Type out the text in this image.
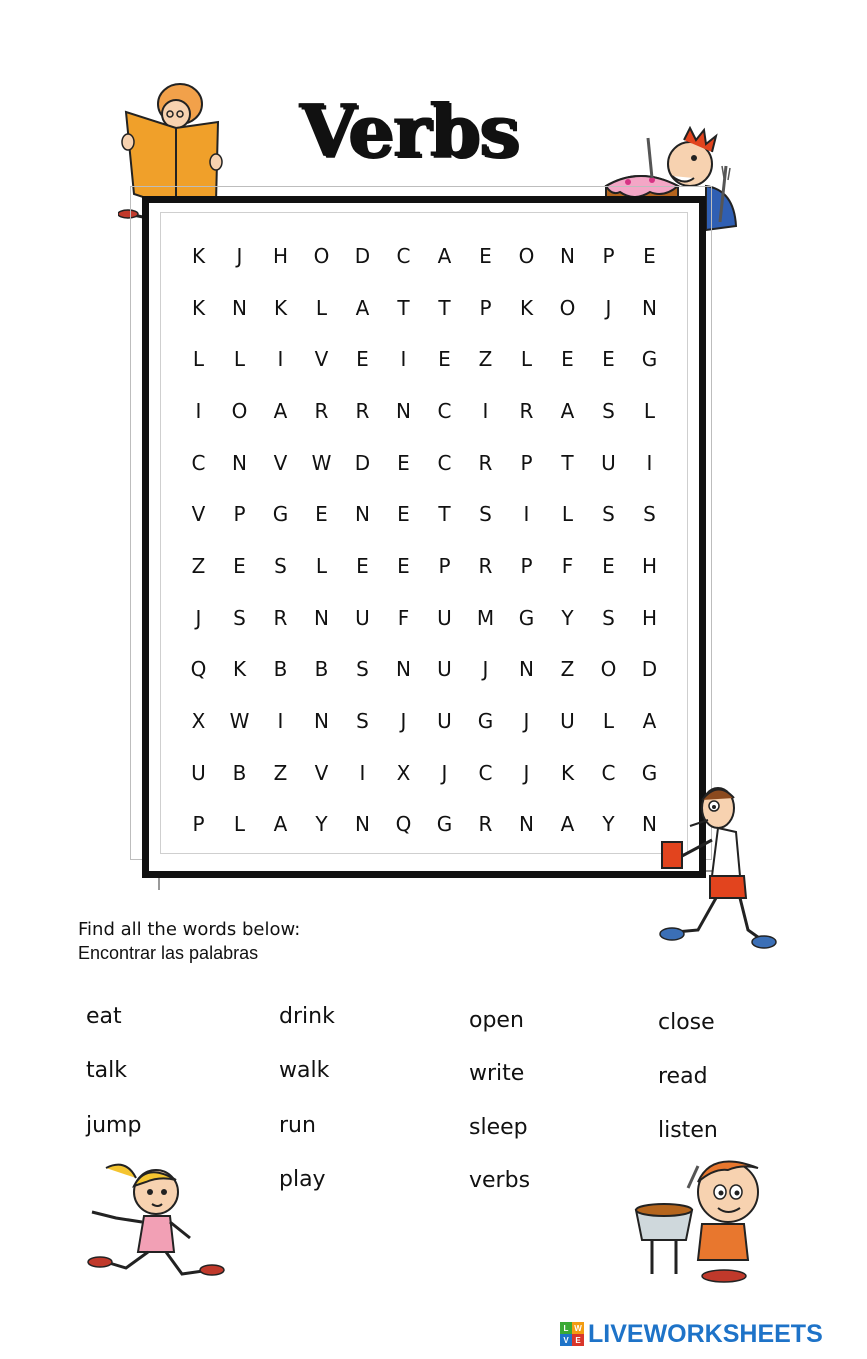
Verbs
K	J	H	O	D	C	A	E	O	N	P	E
K	N	K	L	A	T	T	P	K	O	J	N
L	L	I	V	E	I	E	Z	L	E	E	G
I	O	A	R	R	N	C	I	R	A	S	L
C	N	V	W	D	E	C	R	P	T	U	I
V	P	G	E	N	E	T	S	I	L	S	S
Z	E	S	L	E	E	P	R	P	F	E	H
J	S	R	N	U	F	U	M	G	Y	S	H
Q	K	B	B	S	N	U	J	N	Z	O	D
X	W	I	N	S	J	U	G	J	U	L	A
U	B	Z	V	I	X	J	C	J	K	C	G
P	L	A	Y	N	Q	G	R	N	A	Y	N
Find all the words below:
Encontrar las palabras
eat
talk
jump
drink
walk
run
play
open
write
sleep
verbs
close
read
listen
L W
V E LIVEWORKSHEETS
